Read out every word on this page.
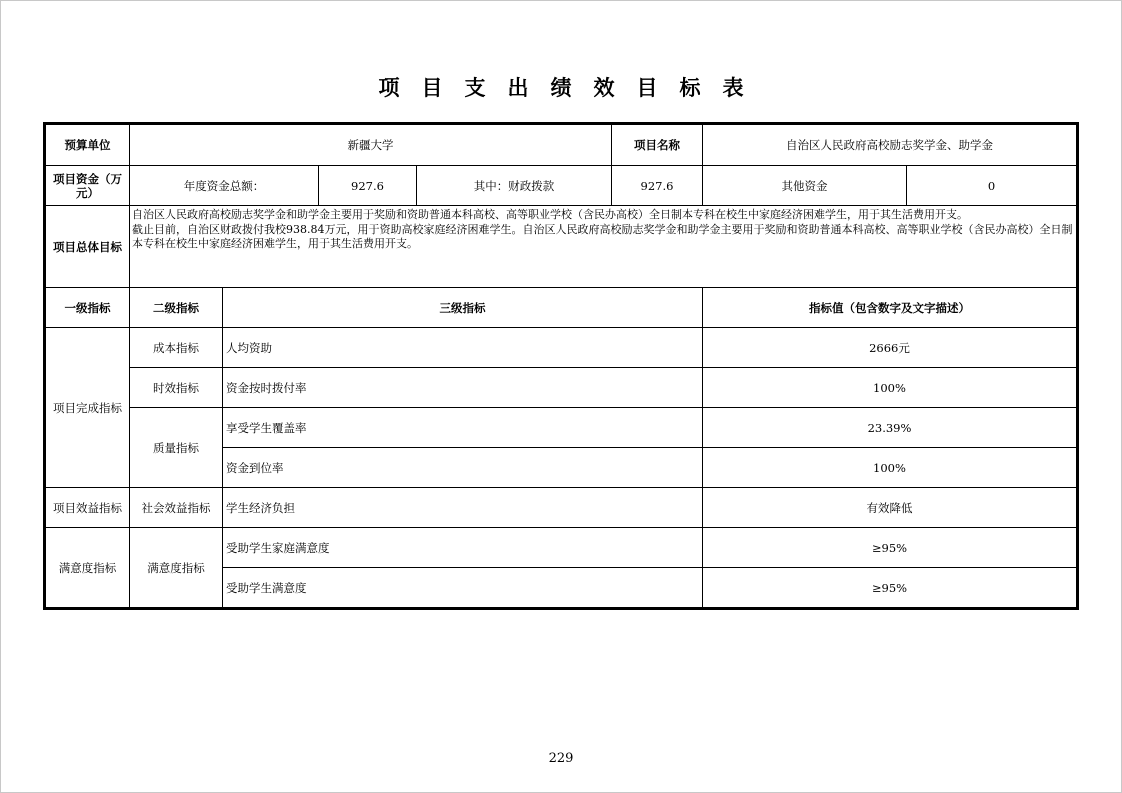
项目支出绩效目标表
预算单位	新疆大学				项目名称	自治区人民政府高校励志奖学金、助学金	
项目资金（万元）	年度资金总额：		927.6	其中：财政拨款	927.6	其他资金	0
项目总体目标	自治区人民政府高校励志奖学金和助学金主要用于奖励和资助普通本科高校、高等职业学校（含民办高校）全日制本专科在校生中家庭经济困难学生，用于其生活费用开支。
截止目前，自治区财政拨付我校938.84万元，用于资助高校家庭经济困难学生。自治区人民政府高校励志奖学金和助学金主要用于奖励和资助普通本科高校、高等职业学校（含民办高校）全日制本专科在校生中家庭经济困难学生，用于其生活费用开支。						

一级指标	二级指标	三级指标				指标值（包含数字及文字描述）	
项目完成指标	成本指标	人均资助				2666元	
	时效指标	资金按时拨付率				100%	
	质量指标	享受学生覆盖率				23.39%	
		资金到位率				100%	
项目效益指标	社会效益指标	学生经济负担				有效降低	
满意度指标	满意度指标	受助学生家庭满意度				≥95%	
		受助学生满意度				≥95%	
229
